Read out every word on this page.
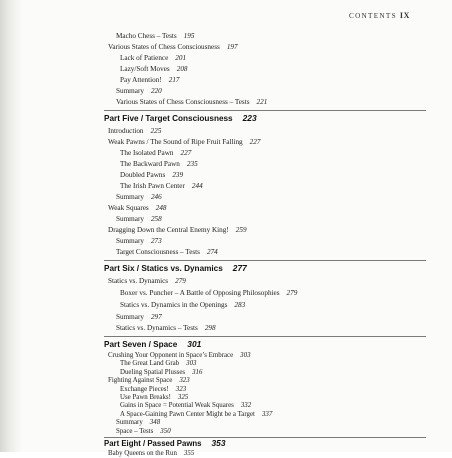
CONTENTS IX
Macho Chess – Tests 195
Various States of Chess Consciousness 197
Lack of Patience 201
Lazy/Soft Moves 208
Pay Attention! 217
Summary 220
Various States of Chess Consciousness – Tests 221
Part Five / Target Consciousness 223
Introduction 225
Weak Pawns / The Sound of Ripe Fruit Falling 227
The Isolated Pawn 227
The Backward Pawn 235
Doubled Pawns 239
The Irish Pawn Center 244
Summary 246
Weak Squares 248
Summary 258
Dragging Down the Central Enemy King! 259
Summary 273
Target Consciousness – Tests 274
Part Six / Statics vs. Dynamics 277
Statics vs. Dynamics 279
Boxer vs. Puncher – A Battle of Opposing Philosophies 279
Statics vs. Dynamics in the Openings 283
Summary 297
Statics vs. Dynamics – Tests 298
Part Seven / Space 301
Crushing Your Opponent in Space’s Embrace 303
The Great Land Grab 303
Dueling Spatial Plusses 316
Fighting Against Space 323
Exchange Pieces! 323
Use Pawn Breaks! 325
Gains in Space = Potential Weak Squares 332
A Space-Gaining Pawn Center Might be a Target 337
Summary 348
Space – Tests 350
Part Eight / Passed Pawns 353
Baby Queens on the Run 355
